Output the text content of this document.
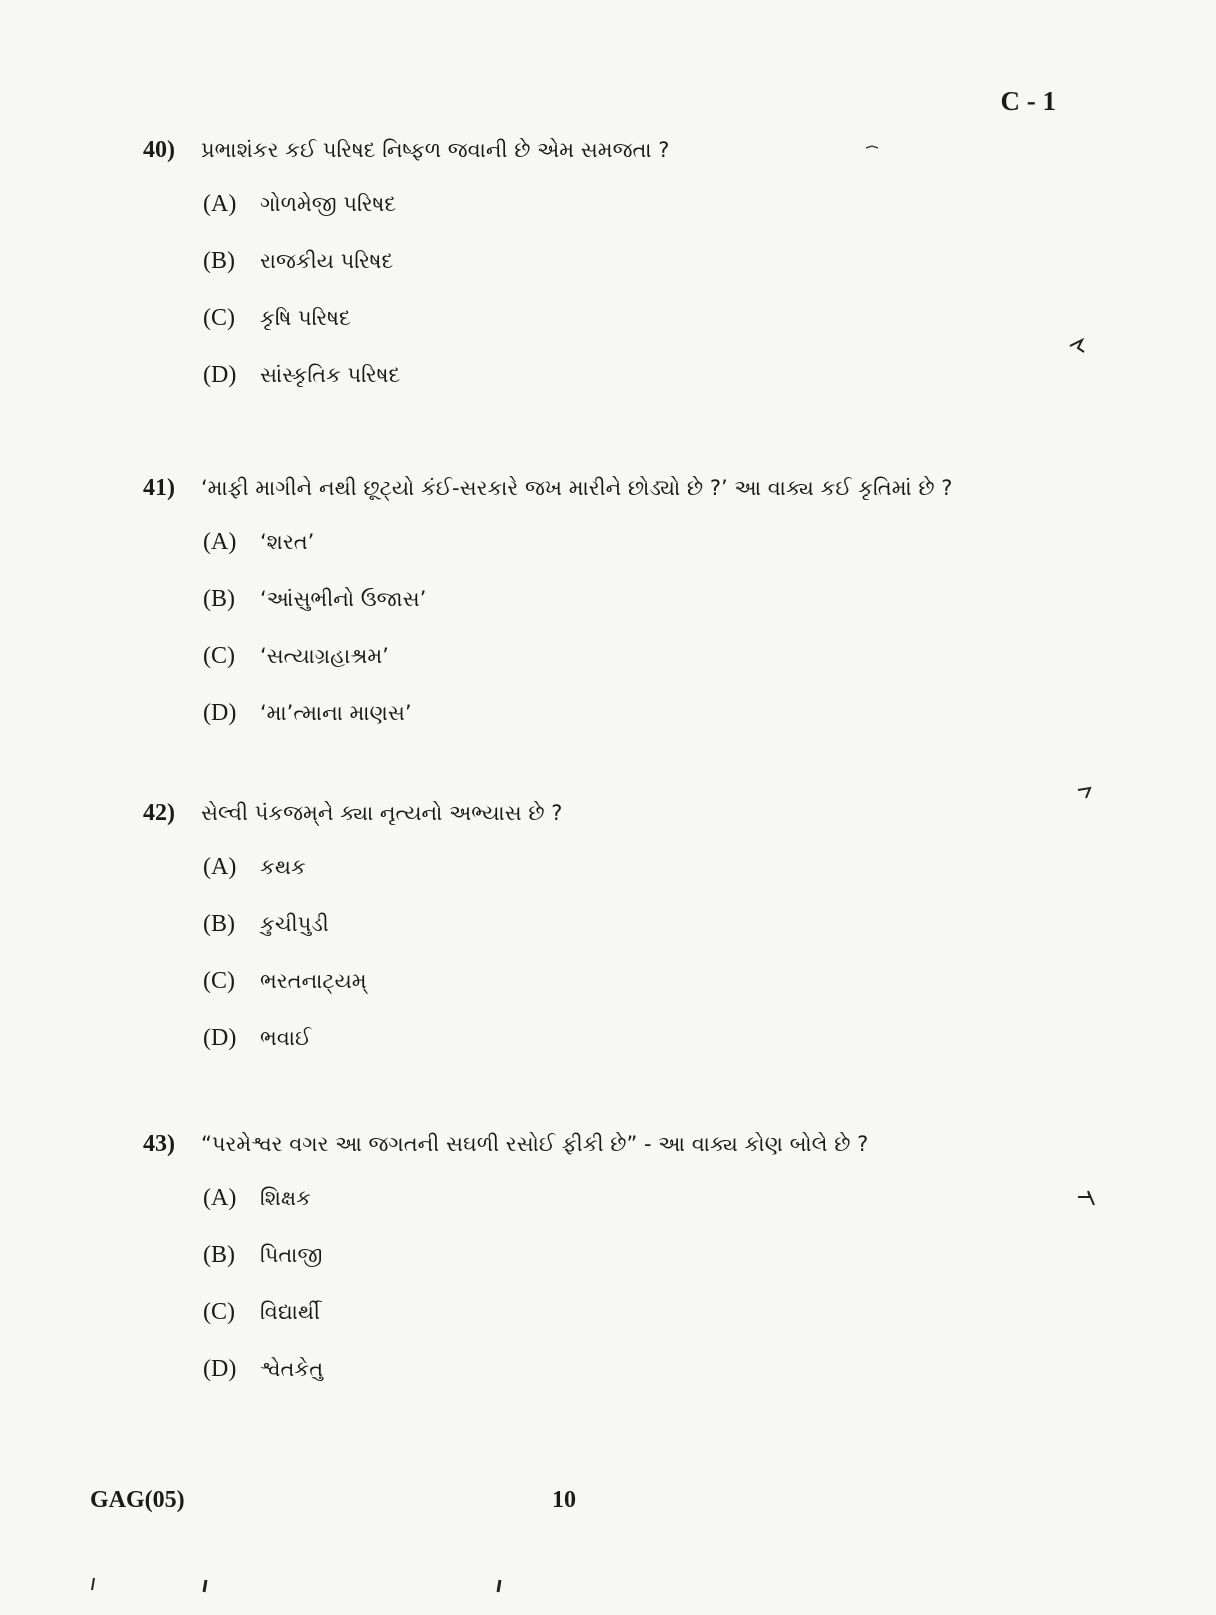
C - 1
40)	પ્રભાશંકર કઈ પરિષદ નિષ્ફળ જવાની છે એમ સમજતા ?
(A)	ગોળમેજી પરિષદ
(B)	રાજકીય પરિષદ
(C)	કૃષિ પરિષદ
(D)	સાંસ્કૃતિક પરિષદ
41)	‘માફી માગીને નથી છૂટ્યો કંઈ-સરકારે જખ મારીને છોડ્યો છે ?’ આ વાક્ય કઈ કૃતિમાં છે ?
(A)	‘શરત’
(B)	‘આંસુભીનો ઉજાસ’
(C)	‘સત્યાગ્રહાશ્રમ’
(D)	‘મા’ત્માના માણસ’
42)	સેલ્વી પંકજમ્‌ને ક્યા નૃત્યનો અભ્યાસ છે ?
(A)	કથક
(B)	કુચીપુડી
(C)	ભરતનાટ્યમ્‌
(D)	ભવાઈ
43)	“પરમેશ્વર વગર આ જગતની સઘળી રસોઈ ફીકી છે” - આ વાક્ય કોણ બોલે છે ?
(A)	શિક્ષક
(B)	પિતાજી
(C)	વિદ્યાર્થી
(D)	શ્વેતકેતુ
GAG(05)	10
